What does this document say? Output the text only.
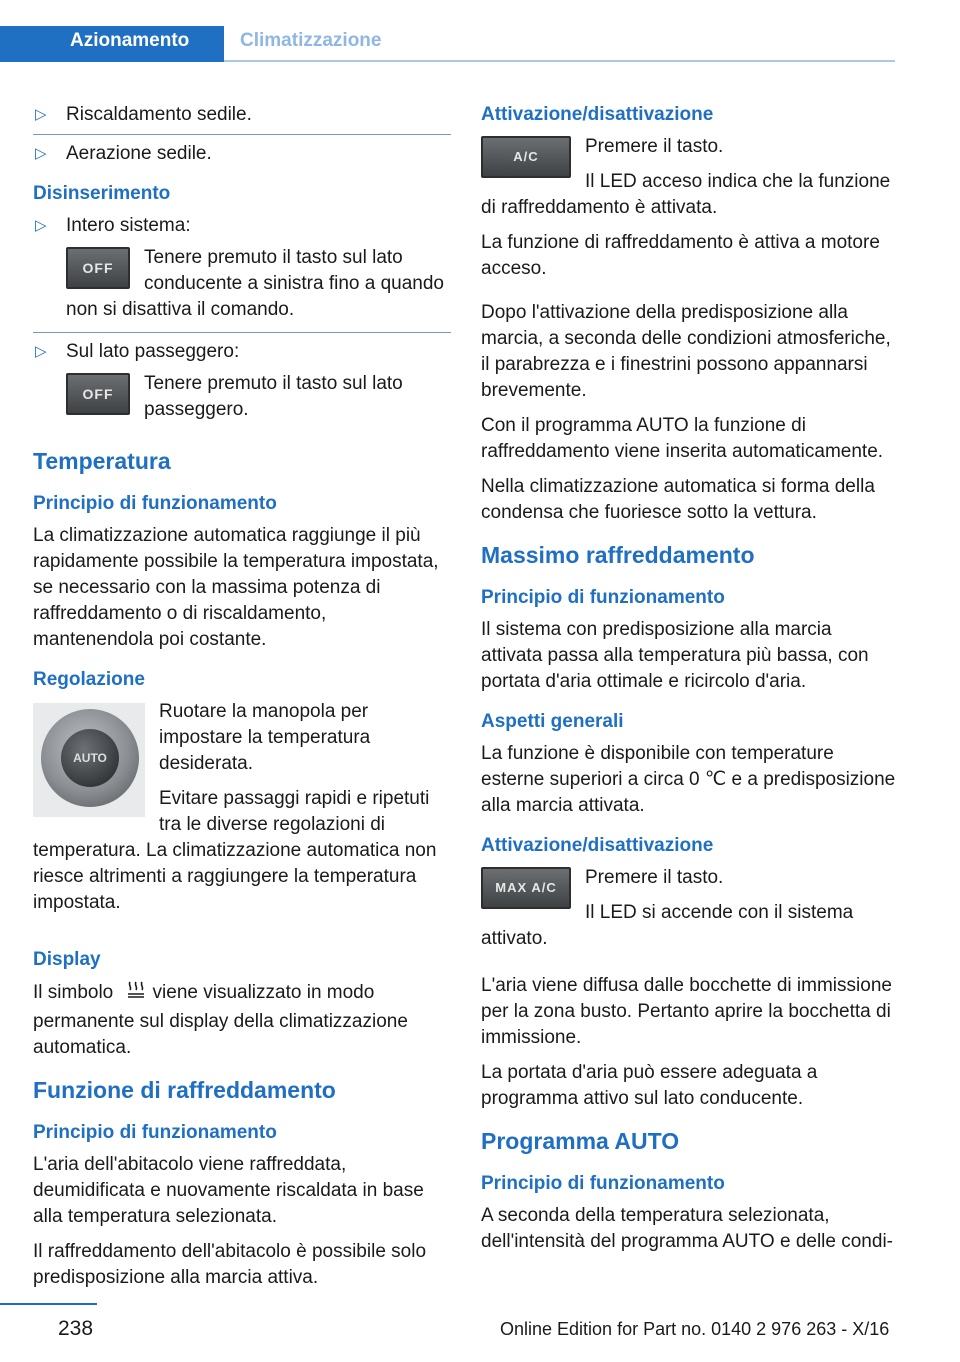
Azionamento	Climatizzazione
▷ Riscaldamento sedile.
▷ Aerazione sedile.
Disinserimento
▷ Intero sistema:
OFF	Tenere premuto il tasto sul lato conducente a sinistra fino a quando non si disattiva il comando.

▷ Sul lato passeggero:
OFF	Tenere premuto il tasto sul lato passeggero.

Temperatura
Principio di funzionamento

La climatizzazione automatica raggiunge il più rapidamente possibile la temperatura impostata, se necessario con la massima potenza di raffreddamento o di riscaldamento, mantenendola poi costante.

Regolazione
AUTO

Ruotare la manopola per impostare la temperatura desiderata.

Evitare passaggi rapidi e ripetuti tra le diverse regolazioni di temperatura. La climatizzazione automatica non riesce altrimenti a raggiungere la temperatura impostata.

Display

Il simbolo viene visualizzato in modo permanente sul display della climatizzazione automatica.

Funzione di raffreddamento
Principio di funzionamento

L'aria dell'abitacolo viene raffreddata, deumidificata e nuovamente riscaldata in base alla temperatura selezionata.

Il raffreddamento dell'abitacolo è possibile solo predisposizione alla marcia attiva.

Attivazione/disattivazione
A/C	Premere il tasto.

Il LED acceso indica che la funzione di raffreddamento è attivata.

La funzione di raffreddamento è attiva a motore acceso.

Dopo l'attivazione della predisposizione alla marcia, a seconda delle condizioni atmosferiche, il parabrezza e i finestrini possono appannarsi brevemente.

Con il programma AUTO la funzione di raffreddamento viene inserita automaticamente.

Nella climatizzazione automatica si forma della condensa che fuoriesce sotto la vettura.

Massimo raffreddamento
Principio di funzionamento

Il sistema con predisposizione alla marcia attivata passa alla temperatura più bassa, con portata d'aria ottimale e ricircolo d'aria.

Aspetti generali

La funzione è disponibile con temperature esterne superiori a circa 0 ℃ e a predisposizione alla marcia attivata.

Attivazione/disattivazione
MAX A/C	Premere il tasto.

Il LED si accende con il sistema attivato.

L'aria viene diffusa dalle bocchette di immissione per la zona busto. Pertanto aprire la bocchetta di immissione.

La portata d'aria può essere adeguata a programma attivo sul lato conducente.

Programma AUTO
Principio di funzionamento

A seconda della temperatura selezionata, dell'intensità del programma AUTO e delle condi-

238	Online Edition for Part no. 0140 2 976 263 - X/16
